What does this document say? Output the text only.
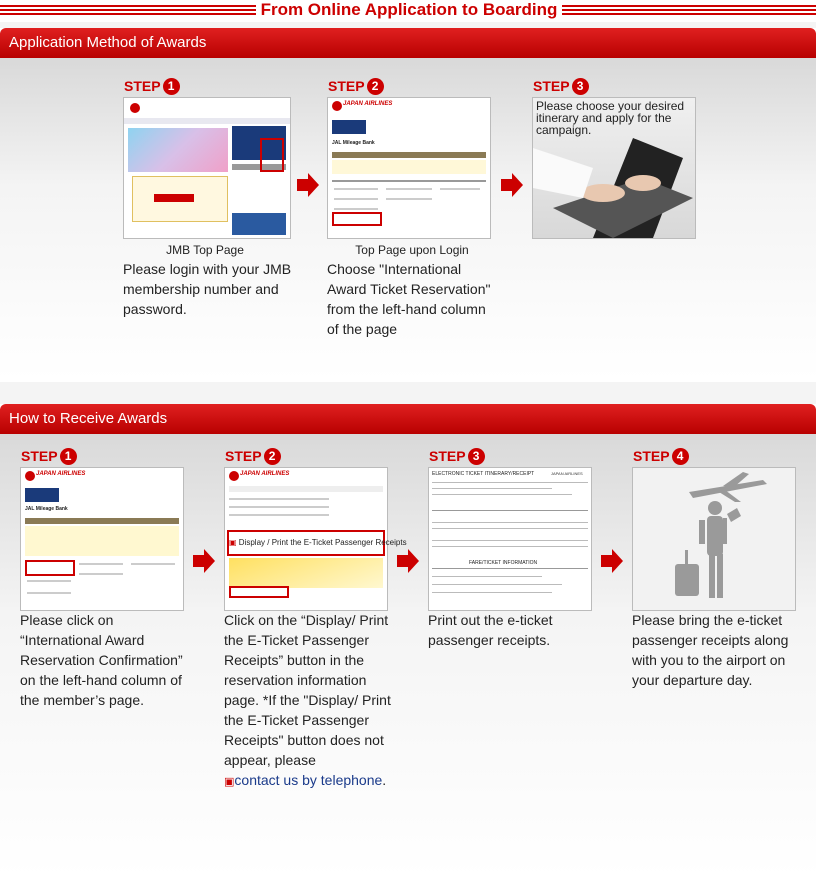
From Online Application to Boarding
Application Method of Awards
STEP 1
JMB Top Page
Please login with your JMB membership number and password.
STEP 2
JAPAN AIRLINES
JAL Mileage Bank
Top Page upon Login
Choose "International Award Ticket Reservation" from the left-hand column of the page
STEP 3
Please choose your desired itinerary and apply for the campaign.
How to Receive Awards
STEP 1
JAPAN AIRLINES
JAL Mileage Bank
Please click on “International Award Reservation Confirmation” on the left-hand column of the member’s page.
STEP 2
JAPAN AIRLINES
▣ Display / Print the E-Ticket Passenger Receipts
Click on the “Display/ Print the E-Ticket Passenger Receipts” button in the reservation information page. *If the "Display/ Print the E-Ticket Passenger Receipts" button does not appear, please
▣contact us by telephone.
STEP 3
ELECTRONIC TICKET ITINERARY/RECEIPT	JAPAN AIRLINES
FARE/TICKET INFORMATION
Print out the e-ticket passenger receipts.
STEP 4
Please bring the e-ticket passenger receipts along with you to the airport on your departure day.
